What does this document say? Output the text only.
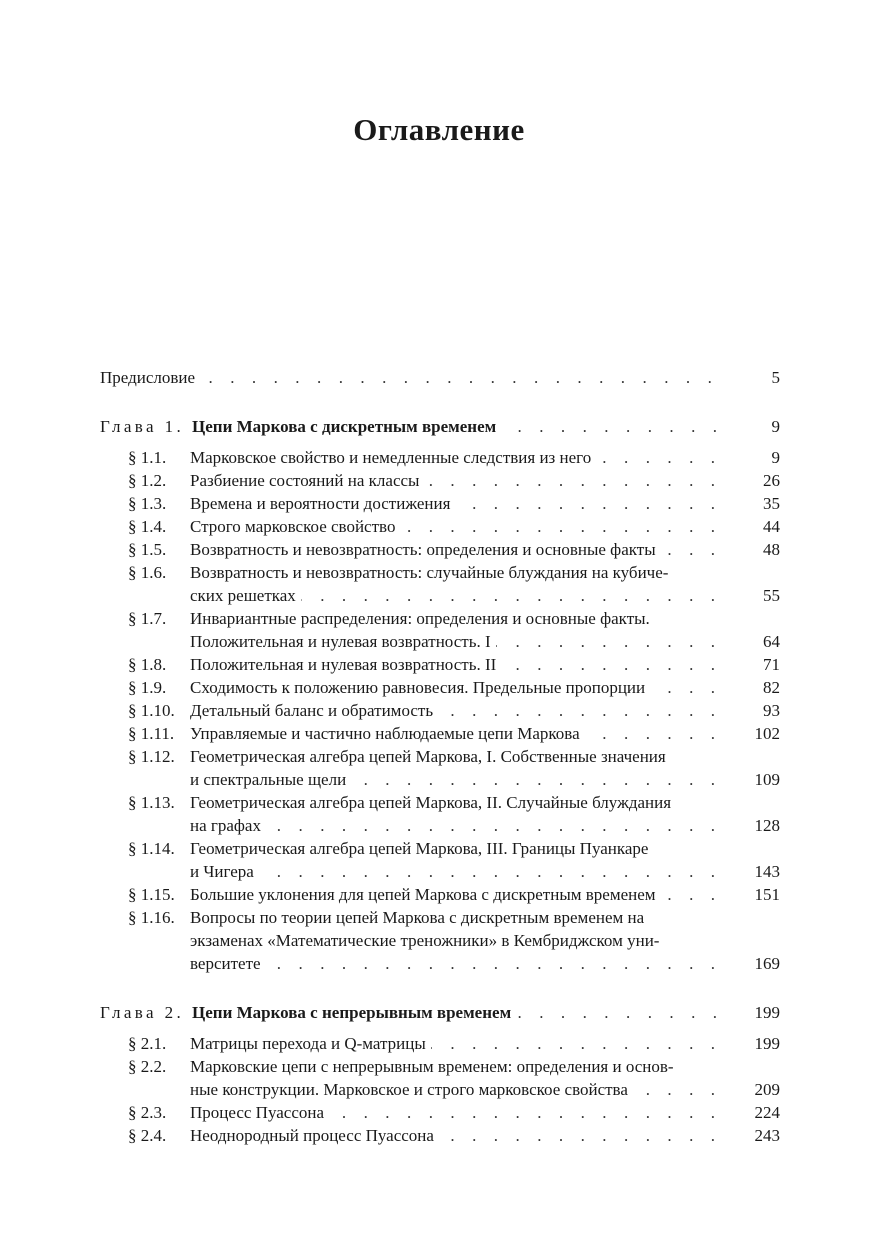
Оглавление
. . .
Предисловие	5
Глава 1. . . . Цепи Маркова с дискретным временем	9
§ 1.1. . . . Марковское свойство и немедленные следствия из него	9
§ 1.2. . . . Разбиение состояний на классы	26
§ 1.3. . . . Времена и вероятности достижения	35
§ 1.4. . . . Строго марковское свойство	44
§ 1.5. . . . Возвратность и невозвратность: определения и основные факты	48
§ 1.6. Возвратность и невозвратность: случайные блуждания на кубиче-
. . .
ских решетках	55
§ 1.7. Инвариантные распределения: определения и основные факты.
. . .
Положительная и нулевая возвратность. I	64
§ 1.8. . . . Положительная и нулевая возвратность. II	71
§ 1.9. . . . Сходимость к положению равновесия. Предельные пропорции	82
§ 1.10. . . . Детальный баланс и обратимость	93
§ 1.11. . . . Управляемые и частично наблюдаемые цепи Маркова	102
§ 1.12. Геометрическая алгебра цепей Маркова, I. Собственные значения
. . .
и спектральные щели	109
§ 1.13. Геометрическая алгебра цепей Маркова, II. Случайные блуждания
. . .
на графах	128
§ 1.14. Геометрическая алгебра цепей Маркова, III. Границы Пуанкаре
. . .
и Чигера	143
§ 1.15. . . . Большие уклонения для цепей Маркова с дискретным временем	151
§ 1.16. Вопросы по теории цепей Маркова с дискретным временем на
экзаменах «Математические треножники» в Кембриджском уни-
. . .
верситете	169
Глава 2. . . . Цепи Маркова с непрерывным временем	199
§ 2.1. . . . Матрицы перехода и Q-матрицы	199
§ 2.2. Марковские цепи с непрерывным временем: определения и основ-
. . .
ные конструкции. Марковское и строго марковское свойства	209
§ 2.3. . . . Процесс Пуассона	224
§ 2.4. . . . Неоднородный процесс Пуассона	243
